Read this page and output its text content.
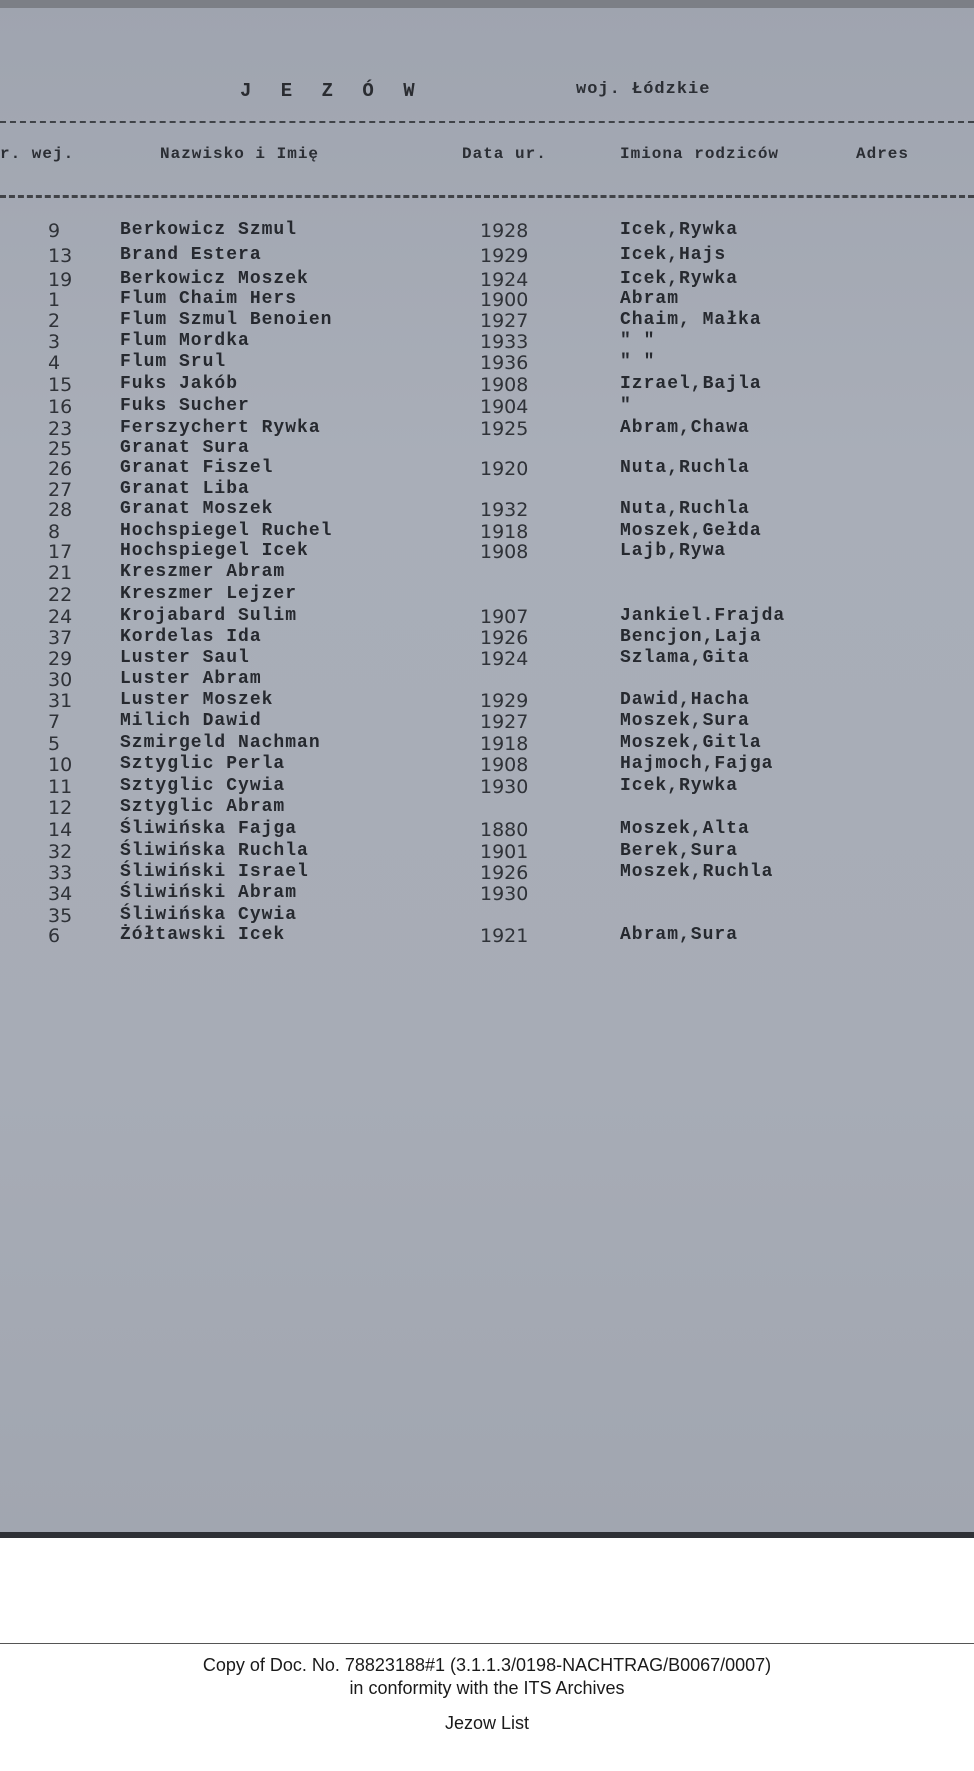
J E Z Ó W	woj. Łódzkie
r. wej.	Nazwisko i Imię	Data ur.	Imiona rodziców	Adres
9	Berkowicz Szmul	1928	Icek,Rywka
13	Brand Estera	1929	Icek,Hajs
19	Berkowicz Moszek	1924	Icek,Rywka
1	Flum Chaim Hers	1900	Abram
2	Flum Szmul Benoien	1927	Chaim, Małka
3	Flum Mordka	1933	" "
4	Flum Srul	1936	" "
15	Fuks Jakób	1908	Izrael,Bajla
16	Fuks Sucher	1904	"
23	Ferszychert Rywka	1925	Abram,Chawa
25	Granat Sura
26	Granat Fiszel	1920	Nuta,Ruchla
27	Granat Liba
28	Granat Moszek	1932	Nuta,Ruchla
8	Hochspiegel Ruchel	1918	Moszek,Gełda
17	Hochspiegel Icek	1908	Lajb,Rywa
21	Kreszmer Abram
22	Kreszmer Lejzer
24	Krojabard Sulim	1907	Jankiel.Frajda
37	Kordelas Ida	1926	Bencjon,Laja
29	Luster Saul	1924	Szlama,Gita
30	Luster Abram
31	Luster Moszek	1929	Dawid,Hacha
7	Milich Dawid	1927	Moszek,Sura
5	Szmirgeld Nachman	1918	Moszek,Gitla
10	Sztyglic Perla	1908	Hajmoch,Fajga
11	Sztyglic Cywia	1930	Icek,Rywka
12	Sztyglic Abram
14	Śliwińska Fajga	1880	Moszek,Alta
32	Śliwińska Ruchla	1901	Berek,Sura
33	Śliwiński Israel	1926	Moszek,Ruchla
34	Śliwiński Abram	1930
35	Śliwińska Cywia
6	Żółtawski Icek	1921	Abram,Sura
Copy of Doc. No. 78823188#1 (3.1.1.3/0198-NACHTRAG/B0067/0007)
in conformity with the ITS Archives
Jezow List
